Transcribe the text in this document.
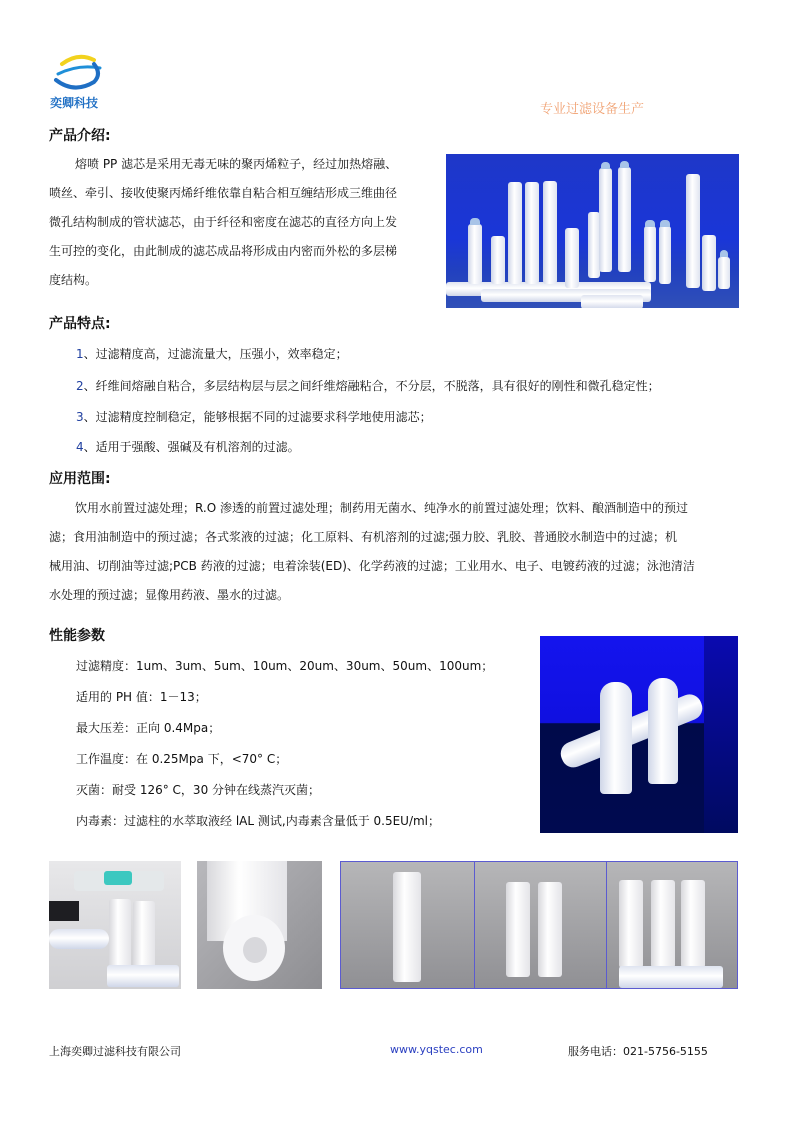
奕卿科技	专业过滤设备生产
产品介绍:
熔喷 PP 滤芯是采用无毒无味的聚丙烯粒子，经过加热熔融、
喷丝、牵引、接收使聚丙烯纤维依靠自粘合相互缠结形成三维曲径
微孔结构制成的管状滤芯，由于纤径和密度在滤芯的直径方向上发
生可控的变化，由此制成的滤芯成品将形成由内密而外松的多层梯
度结构。
产品特点:
1、过滤精度高，过滤流量大，压强小，效率稳定；
2、纤维间熔融自粘合，多层结构层与层之间纤维熔融粘合，不分层，不脱落，具有很好的刚性和微孔稳定性；
3、过滤精度控制稳定，能够根据不同的过滤要求科学地使用滤芯；
4、适用于强酸、强碱及有机溶剂的过滤。
应用范围:
饮用水前置过滤处理；R.O 渗透的前置过滤处理；制药用无菌水、纯净水的前置过滤处理；饮料、酿酒制造中的预过
滤；食用油制造中的预过滤；各式浆液的过滤；化工原料、有机溶剂的过滤;强力胶、乳胶、普通胶水制造中的过滤；机
械用油、切削油等过滤;PCB 药液的过滤；电着涂装(ED)、化学药液的过滤；工业用水、电子、电镀药液的过滤；泳池清洁
水处理的预过滤；显像用药液、墨水的过滤。
性能参数
过滤精度：1um、3um、5um、10um、20um、30um、50um、100um；
适用的 PH 值：1－13；
最大压差：正向 0.4Mpa；
工作温度：在 0.25Mpa 下，<70° C；
灭菌：耐受 126° C，30 分钟在线蒸汽灭菌；
内毒素：过滤柱的水萃取液经 lAL 测试,内毒素含量低于 0.5EU/ml；
上海奕卿过滤科技有限公司	www.yqstec.com	服务电话：021-5756-5155
